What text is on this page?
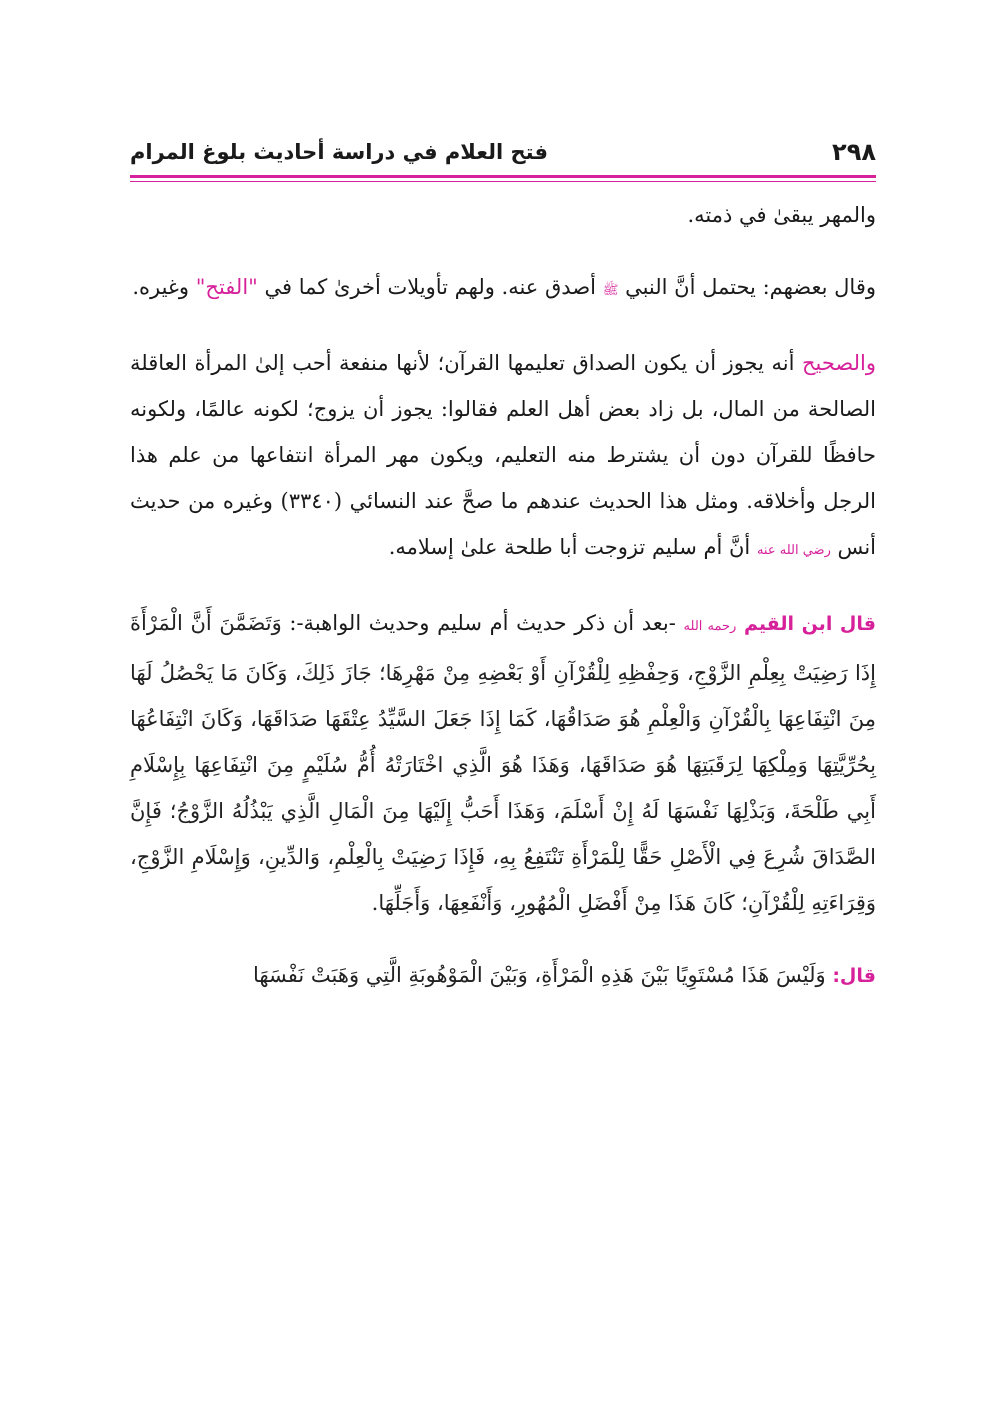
٢٩٨
فتح العلام في دراسة أحاديث بلوغ المرام

والمهر يبقىٰ في ذمته.

وقال بعضهم: يحتمل أنَّ النبي ﷺ أصدق عنه. ولهم تأويلات أخرىٰ كما في "الفتح" وغيره.

والصحيح أنه يجوز أن يكون الصداق تعليمها القرآن؛ لأنها منفعة أحب إلىٰ المرأة العاقلة الصالحة من المال، بل زاد بعض أهل العلم فقالوا: يجوز أن يزوج؛ لكونه عالمًا، ولكونه حافظًا للقرآن دون أن يشترط منه التعليم، ويكون مهر المرأة انتفاعها من علم هذا الرجل وأخلاقه. ومثل هذا الحديث عندهم ما صحَّ عند النسائي (٣٣٤٠) وغيره من حديث أنس رضي الله عنه أنَّ أم سليم تزوجت أبا طلحة علىٰ إسلامه.

قال ابن القيم رحمه الله -بعد أن ذكر حديث أم سليم وحديث الواهبة-: وَتَضَمَّنَ أَنَّ الْمَرْأَةَ إِذَا رَضِيَتْ بِعِلْمِ الزَّوْجِ، وَحِفْظِهِ لِلْقُرْآنِ أَوْ بَعْضِهِ مِنْ مَهْرِهَا؛ جَازَ ذَلِكَ، وَكَانَ مَا يَحْصُلُ لَهَا مِنَ انْتِفَاعِهَا بِالْقُرْآنِ وَالْعِلْمِ هُوَ صَدَاقُهَا، كَمَا إِذَا جَعَلَ السَّيِّدُ عِتْقَهَا صَدَاقَهَا، وَكَانَ انْتِفَاعُهَا بِحُرِّيَّتِهَا وَمِلْكِهَا لِرَقَبَتِهَا هُوَ صَدَاقَهَا، وَهَذَا هُوَ الَّذِي اخْتَارَتْهُ أُمُّ سُلَيْمٍ مِنَ انْتِفَاعِهَا بِإِسْلَامِ أَبِي طَلْحَةَ، وَبَذْلِهَا نَفْسَهَا لَهُ إِنْ أَسْلَمَ، وَهَذَا أَحَبُّ إِلَيْهَا مِنَ الْمَالِ الَّذِي يَبْذُلُهُ الزَّوْجُ؛ فَإِنَّ الصَّدَاقَ شُرِعَ فِي الْأَصْلِ حَقًّا لِلْمَرْأَةِ تَنْتَفِعُ بِهِ، فَإِذَا رَضِيَتْ بِالْعِلْمِ، وَالدِّينِ، وَإِسْلَامِ الزَّوْجِ، وَقِرَاءَتِهِ لِلْقُرْآنِ؛ كَانَ هَذَا مِنْ أَفْضَلِ الْمُهُورِ، وَأَنْفَعِهَا، وَأَجَلِّهَا.

قال: وَلَيْسَ هَذَا مُسْتَوِيًا بَيْنَ هَذِهِ الْمَرْأَةِ، وَبَيْنَ الْمَوْهُوبَةِ الَّتِي وَهَبَتْ نَفْسَهَا
